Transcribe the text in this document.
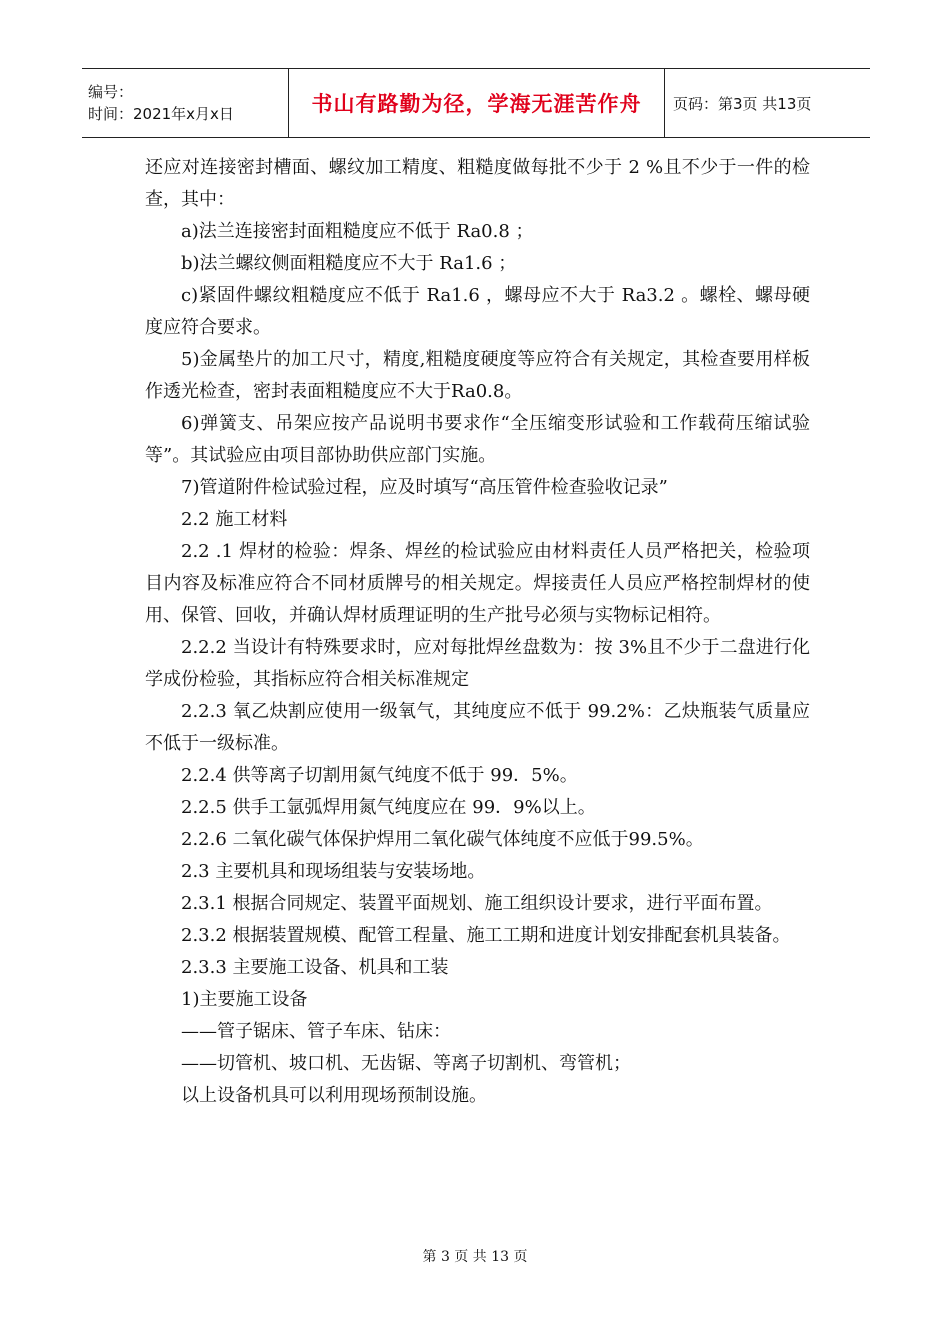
编号：
时间：2021年x月x日	书山有路勤为径，学海无涯苦作舟 页码：第3页 共13页

还应对连接密封槽面、螺纹加工精度、粗糙度做每批不少于 2 %且不少于一件的检查，其中：

a)法兰连接密封面粗糙度应不低于 Ra0.8 ；

b)法兰螺纹侧面粗糙度应不大于 Ra1.6 ；

c)紧固件螺纹粗糙度应不低于 Ra1.6 ，螺母应不大于 Ra3.2 。螺栓、螺母硬度应符合要求。

5)金属垫片的加工尺寸，精度,粗糙度硬度等应符合有关规定，其检查要用样板作透光检查，密封表面粗糙度应不大于Ra0.8。

6)弹簧支、吊架应按产品说明书要求作“全压缩变形试验和工作载荷压缩试验等”。其试验应由项目部协助供应部门实施。

7)管道附件检试验过程，应及时填写“高压管件检查验收记录”

2.2 施工材料

2.2 .1 焊材的检验：焊条、焊丝的检试验应由材料责任人员严格把关，检验项目内容及标准应符合不同材质牌号的相关规定。焊接责任人员应严格控制焊材的使用、保管、回收，并确认焊材质理证明的生产批号必须与实物标记相符。

2.2.2 当设计有特殊要求时，应对每批焊丝盘数为：按 3%且不少于二盘进行化学成份检验，其指标应符合相关标准规定

2.2.3 氧乙炔割应使用一级氧气，其纯度应不低于 99.2%：乙炔瓶装气质量应不低于一级标准。

2.2.4 供等离子切割用氮气纯度不低于 99．5%。

2.2.5 供手工氩弧焊用氮气纯度应在 99．9%以上。

2.2.6 二氧化碳气体保护焊用二氧化碳气体纯度不应低于99.5%。

2.3 主要机具和现场组装与安装场地。

2.3.1 根据合同规定、装置平面规划、施工组织设计要求，进行平面布置。

2.3.2 根据装置规模、配管工程量、施工工期和进度计划安排配套机具装备。

2.3.3 主要施工设备、机具和工装

1)主要施工设备

——管子锯床、管子车床、钻床：

——切管机、坡口机、无齿锯、等离子切割机、弯管机；

以上设备机具可以利用现场预制设施。

第 3 页 共 13 页
